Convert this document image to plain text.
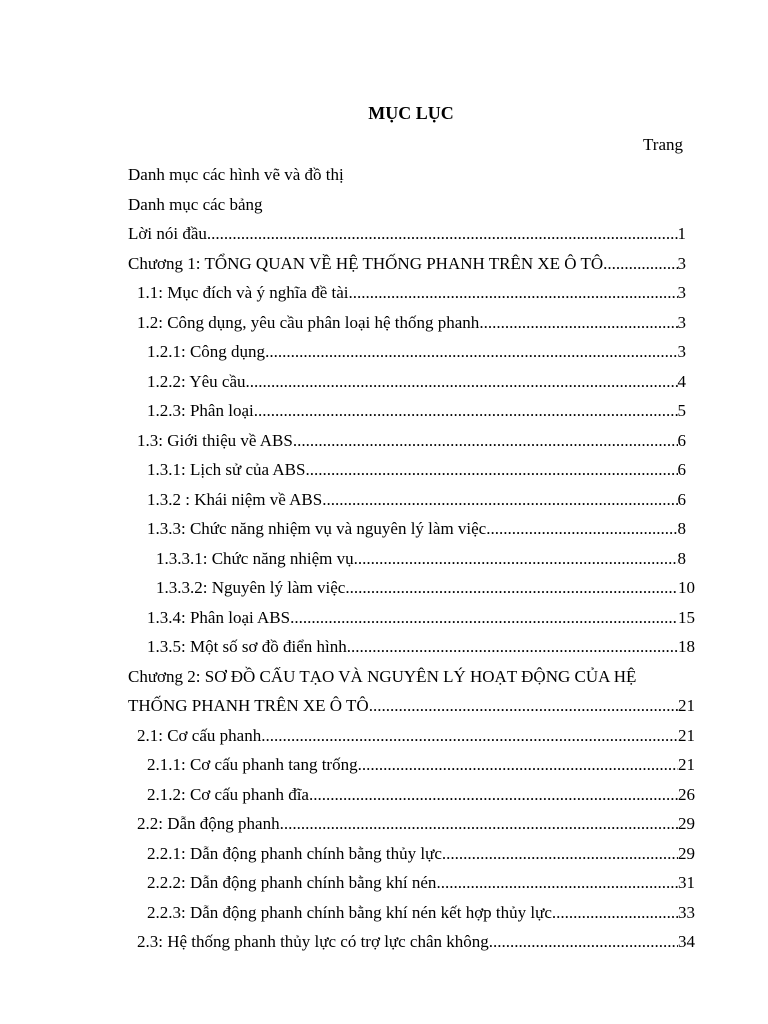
MỤC LỤC
Trang
Danh mục các hình vẽ và đồ thị
Danh mục các bảng
Lời nói đầu .....	1
Chương 1: TỔNG QUAN VỀ HỆ THỐNG PHANH TRÊN XE Ô TÔ .....	3
1.1: Mục đích và ý nghĩa đề tài .....	3
1.2: Công dụng, yêu cầu phân loại hệ thống phanh .....	3
1.2.1: Công dụng .....	3
1.2.2: Yêu cầu .....	4
1.2.3: Phân loại .....	5
1.3: Giới thiệu về ABS .....	6
1.3.1: Lịch sử của ABS .....	6
1.3.2 : Khái niệm về ABS .....	6
1.3.3: Chức năng nhiệm vụ và nguyên lý làm việc .....	8
1.3.3.1: Chức năng nhiệm vụ .....	8
1.3.3.2: Nguyên lý làm việc .....	10
1.3.4: Phân loại ABS .....	15
1.3.5: Một số sơ đồ điển hình .....	18
Chương 2: SƠ ĐỒ CẤU TẠO VÀ NGUYÊN LÝ HOẠT ĐỘNG CỦA HỆ
THỐNG PHANH TRÊN XE Ô TÔ .....	21
2.1: Cơ cấu phanh .....	21
2.1.1: Cơ cấu phanh tang trống .....	21
2.1.2: Cơ cấu phanh đĩa .....	26
2.2: Dẫn động phanh .....	29
2.2.1: Dẫn động phanh chính bằng thủy lực .....	29
2.2.2: Dẫn động phanh chính bằng khí nén .....	31
2.2.3: Dẫn động phanh chính bằng khí nén kết hợp thủy lực .....	33
2.3: Hệ thống phanh thủy lực có trợ lực chân không .....	34
